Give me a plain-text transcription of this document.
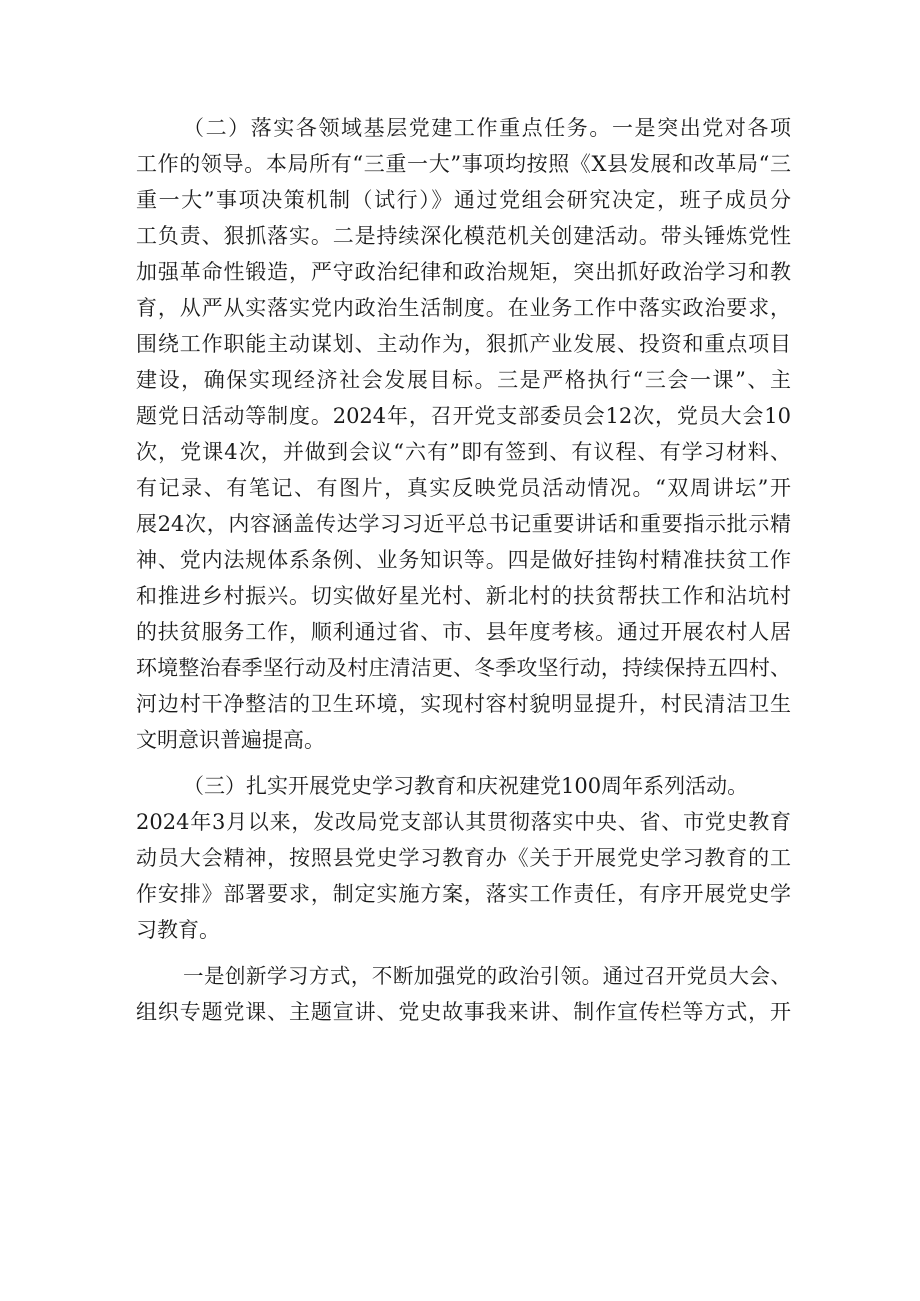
（二）落实各领域基层党建工作重点任务。一是突出党对各项
工作的领导。本局所有“三重一大”事项均按照《X县发展和改革局“三
重一大”事项决策机制（试行）》通过党组会研究决定，班子成员分
工负责、狠抓落实。二是持续深化模范机关创建活动。带头锤炼党性
加强革命性锻造，严守政治纪律和政治规矩，突出抓好政治学习和教
育，从严从实落实党内政治生活制度。在业务工作中落实政治要求，
围绕工作职能主动谋划、主动作为，狠抓产业发展、投资和重点项目
建设，确保实现经济社会发展目标。三是严格执行“三会一课”、主
题党日活动等制度。2024年，召开党支部委员会12次，党员大会10
次，党课4次，并做到会议“六有”即有签到、有议程、有学习材料、
有记录、有笔记、有图片，真实反映党员活动情况。“双周讲坛”开
展24次，内容涵盖传达学习习近平总书记重要讲话和重要指示批示精
神、党内法规体系条例、业务知识等。四是做好挂钩村精准扶贫工作
和推进乡村振兴。切实做好星光村、新北村的扶贫帮扶工作和沾坑村
的扶贫服务工作，顺利通过省、市、县年度考核。通过开展农村人居
环境整治春季坚行动及村庄清洁更、冬季攻坚行动，持续保持五四村、
河边村干净整洁的卫生环境，实现村容村貌明显提升，村民清洁卫生
文明意识普遍提高。
（三）扎实开展党史学习教育和庆祝建党100周年系列活动。
2024年3月以来，发改局党支部认其贯彻落实中央、省、市党史教育
动员大会精神，按照县党史学习教育办《关于开展党史学习教育的工
作安排》部署要求，制定实施方案，落实工作责任，有序开展党史学
习教育。
一是创新学习方式，不断加强党的政治引领。通过召开党员大会、
组织专题党课、主题宣讲、党史故事我来讲、制作宣传栏等方式，开
